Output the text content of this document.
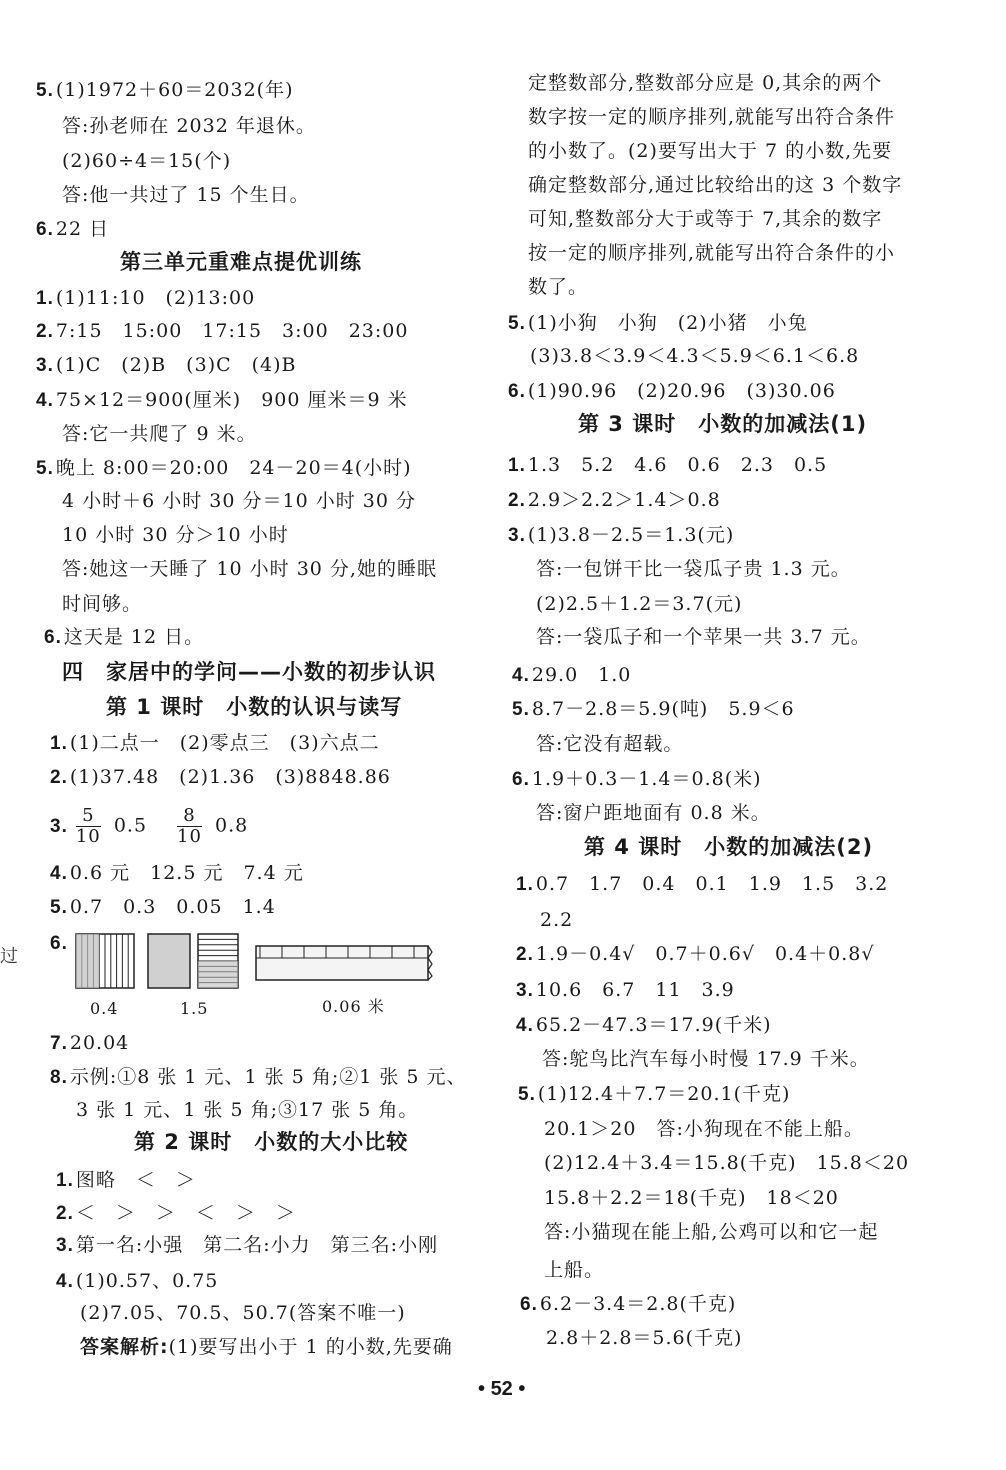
5. (1)1972＋60＝2032(年)
答:孙老师在 2032 年退休。
(2)60÷4＝15(个)
答:他一共过了 15 个生日。
6. 22 日
第三单元重难点提优训练
1. (1)11:10　(2)13:00
2. 7:15　15:00　17:15　3:00　23:00
3. (1)C　(2)B　(3)C　(4)B
4. 75×12＝900(厘米)　900 厘米＝9 米
答:它一共爬了 9 米。
5. 晚上 8:00＝20:00　24－20＝4(小时)
4 小时＋6 小时 30 分＝10 小时 30 分
10 小时 30 分＞10 小时
答:她这一天睡了 10 小时 30 分,她的睡眠
时间够。
6. 这天是 12 日。
四　家居中的学问——小数的初步认识
第 1 课时　小数的认识与读写
1. (1)二点一　(2)零点三　(3)六点二
2. (1)37.48　(2)1.36　(3)8848.86
3. $\frac{5}{10} 0.5 \frac{8}{10} 0.8$
4. 0.6 元　12.5 元　7.4 元
5. 0.7　0.3　0.05　1.4
6.
0.4	1.5	0.06 米
7. 20.04
8. 示例:①8 张 1 元、1 张 5 角;②1 张 5 元、
3 张 1 元、1 张 5 角;③17 张 5 角。
第 2 课时　小数的大小比较
1. 图略　＜　＞
2. ＜　＞　＞　＜　＞　＞
3. 第一名:小强　第二名:小力　第三名:小刚
4. (1)0.57、0.75
(2)7.05、70.5、50.7(答案不唯一)
答案解析:(1)要写出小于 1 的小数,先要确
定整数部分,整数部分应是 0,其余的两个
数字按一定的顺序排列,就能写出符合条件
的小数了。(2)要写出大于 7 的小数,先要
确定整数部分,通过比较给出的这 3 个数字
可知,整数部分大于或等于 7,其余的数字
按一定的顺序排列,就能写出符合条件的小
数了。
5. (1)小狗　小狗　(2)小猪　小兔
(3)3.8＜3.9＜4.3＜5.9＜6.1＜6.8
6. (1)90.96　(2)20.96　(3)30.06
第 3 课时　小数的加减法(1)
1. 1.3　5.2　4.6　0.6　2.3　0.5
2. 2.9＞2.2＞1.4＞0.8
3. (1)3.8－2.5＝1.3(元)
答:一包饼干比一袋瓜子贵 1.3 元。
(2)2.5＋1.2＝3.7(元)
答:一袋瓜子和一个苹果一共 3.7 元。
4. 29.0　1.0
5. 8.7－2.8＝5.9(吨)　5.9＜6
答:它没有超载。
6. 1.9＋0.3－1.4＝0.8(米)
答:窗户距地面有 0.8 米。
第 4 课时　小数的加减法(2)
1. 0.7　1.7　0.4　0.1　1.9　1.5　3.2
2.2
2. 1.9－0.4√　0.7＋0.6√　0.4＋0.8√
3. 10.6　6.7　11　3.9
4. 65.2－47.3＝17.9(千米)
答:鸵鸟比汽车每小时慢 17.9 千米。
5. (1)12.4＋7.7＝20.1(千克)
20.1＞20　答:小狗现在不能上船。
(2)12.4＋3.4＝15.8(千克)　15.8＜20
15.8＋2.2＝18(千克)　18＜20
答:小猫现在能上船,公鸡可以和它一起
上船。
6. 6.2－3.4＝2.8(千克)
2.8＋2.8＝5.6(千克)
过
• 52 •
